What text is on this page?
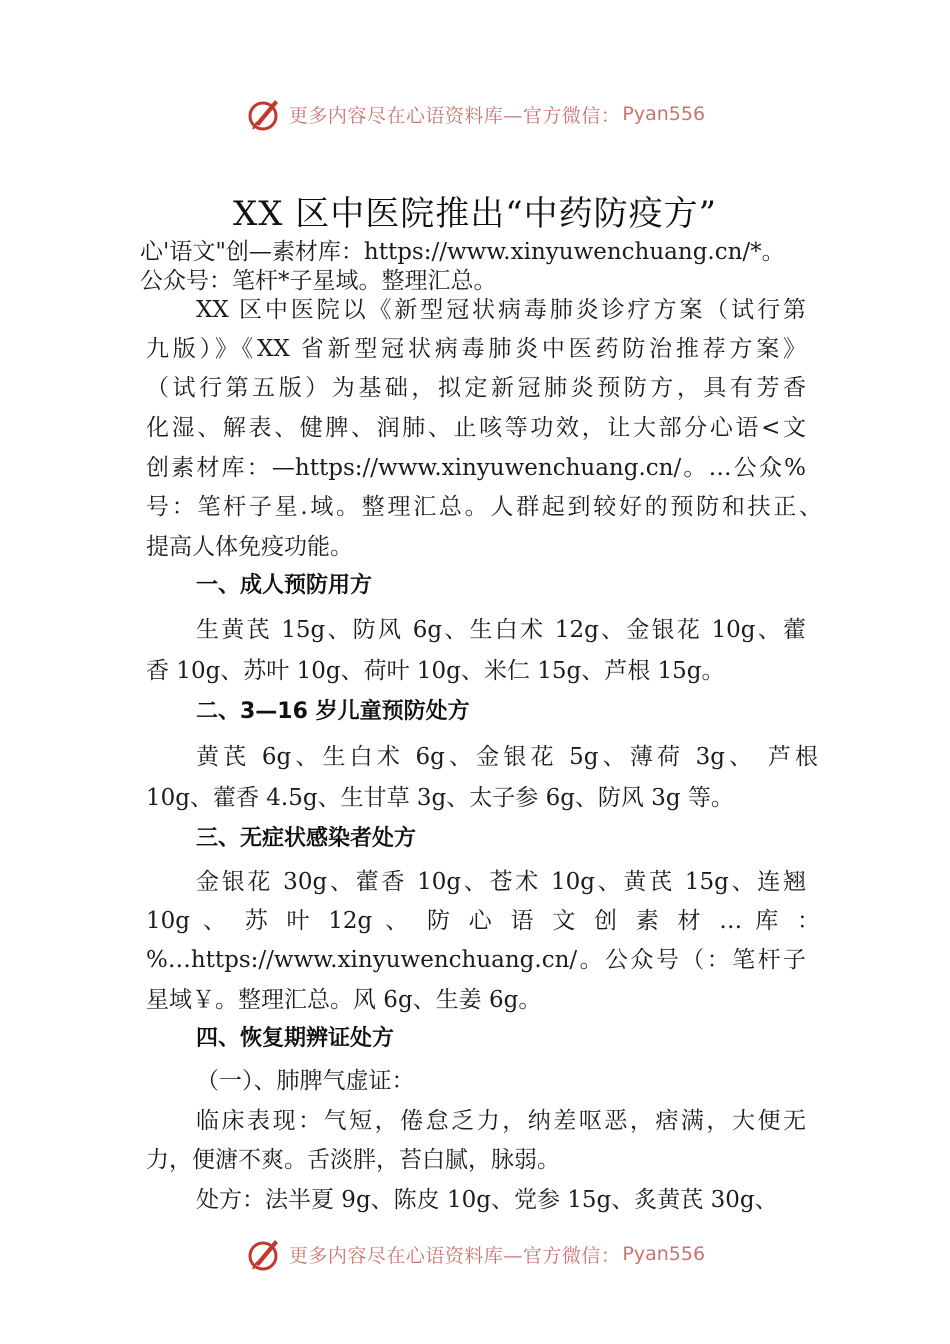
更多内容尽在心语资料库—官方微信： Pyan556
XX 区中医院推出“中药防疫方”
心'语文"创—素材库：https://www.xinyuwenchuang.cn/*。
公众号：笔杆*子星域。整理汇总。
XX 区中医院以《新型冠状病毒肺炎诊疗方案（试行第
九版）》《XX 省新型冠状病毒肺炎中医药防治推荐方案》
（试行第五版）为基础，拟定新冠肺炎预防方，具有芳香
化湿、解表、健脾、润肺、止咳等功效，让大部分心语<文
创素材库：—https://www.xinyuwenchuang.cn/。…公众%
号：笔杆子星.域。整理汇总。人群起到较好的预防和扶正、
提高人体免疫功能。
一、成人预防用方
生黄芪 15g、防风 6g、生白术 12g、金银花 10g、藿
香 10g、苏叶 10g、荷叶 10g、米仁 15g、芦根 15g。
二、3—16 岁儿童预防处方
黄芪 6g、生白术 6g、金银花 5g、薄荷 3g、 芦根
10g、藿香 4.5g、生甘草 3g、太子参 6g、防风 3g 等。
三、无症状感染者处方
金银花 30g、藿香 10g、苍术 10g、黄芪 15g、连翘
10g 、 苏 叶 12g 、 防 心 语 文 创 素 材 … 库 ：
%…https://www.xinyuwenchuang.cn/。公众号（：笔杆子
星域￥。整理汇总。风 6g、生姜 6g。
四、恢复期辨证处方
（一）、肺脾气虚证：
临床表现：气短，倦怠乏力，纳差呕恶，痞满，大便无
力，便溏不爽。舌淡胖，苔白腻，脉弱。
处方：法半夏 9g、陈皮 10g、党参 15g、炙黄芪 30g、
更多内容尽在心语资料库—官方微信： Pyan556
